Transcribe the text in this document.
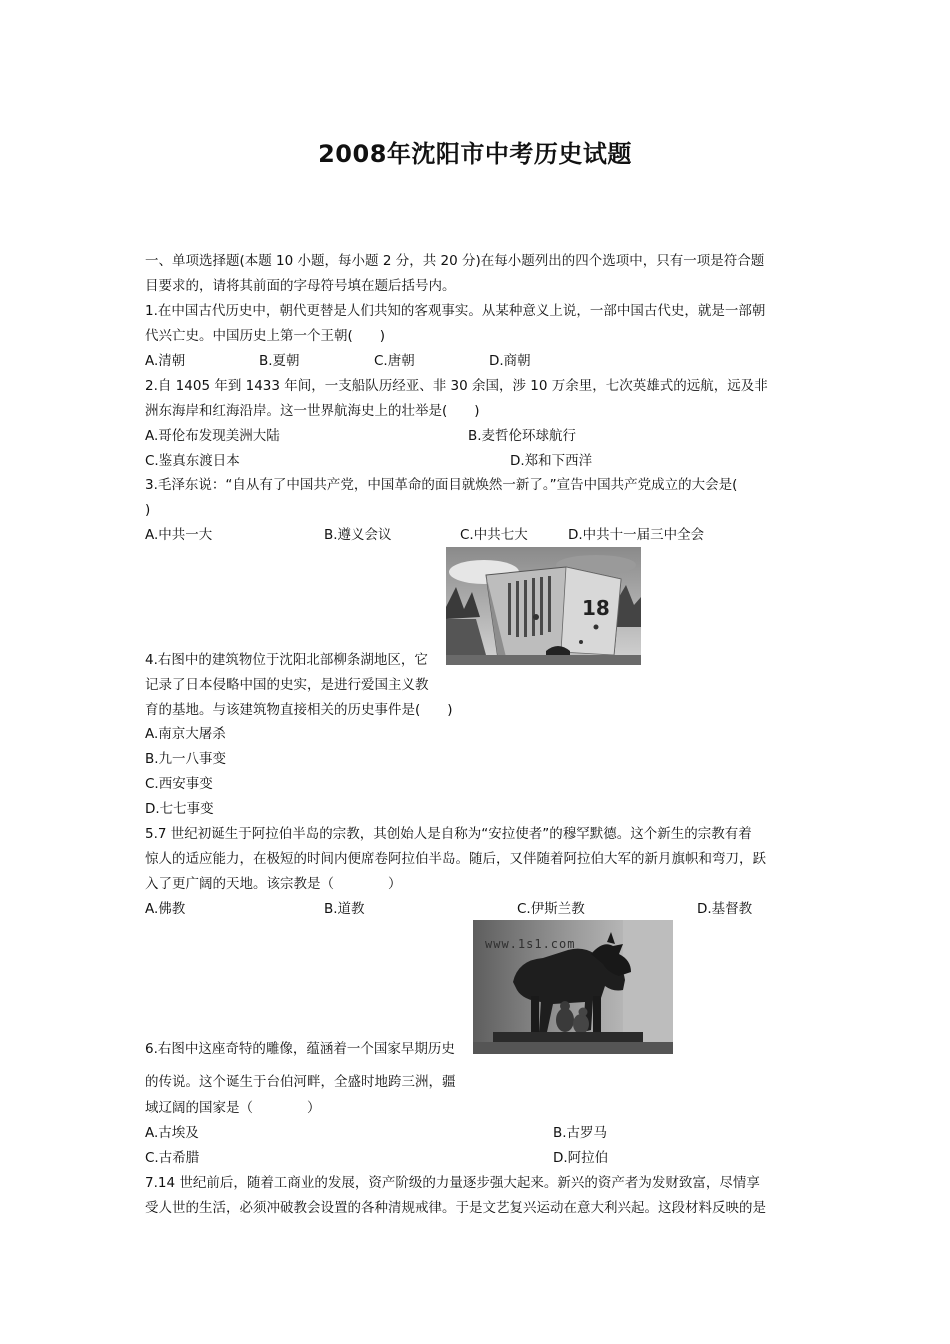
2008年沈阳市中考历史试题
一、单项选择题(本题 10 小题，每小题 2 分，共 20 分)在每小题列出的四个选项中，只有一项是符合题
目要求的，请将其前面的字母符号填在题后括号内。
1.在中国古代历史中，朝代更替是人们共知的客观事实。从某种意义上说，一部中国古代史，就是一部朝
代兴亡史。中国历史上第一个王朝(　　)
A.清朝	B.夏朝	C.唐朝	D.商朝
2.自 1405 年到 1433 年间，一支船队历经亚、非 30 余国，涉 10 万余里，七次英雄式的远航，远及非
洲东海岸和红海沿岸。这一世界航海史上的壮举是(　　)
A.哥伦布发现美洲大陆	B.麦哲伦环球航行
C.鉴真东渡日本	D.郑和下西洋
3.毛泽东说：“自从有了中国共产党，中国革命的面目就焕然一新了。”宣告中国共产党成立的大会是(
)
A.中共一大	B.遵义会议	C.中共七大	D.中共十一届三中全会
18
4.右图中的建筑物位于沈阳北部柳条湖地区，它
记录了日本侵略中国的史实，是进行爱国主义教
育的基地。与该建筑物直接相关的历史事件是(　　)
A.南京大屠杀
B.九一八事变
C.西安事变
D.七七事变
5.7 世纪初诞生于阿拉伯半岛的宗教，其创始人是自称为“安拉使者”的穆罕默德。这个新生的宗教有着
惊人的适应能力，在极短的时间内便席卷阿拉伯半岛。随后，又伴随着阿拉伯大军的新月旗帜和弯刀，跃
入了更广阔的天地。该宗教是（　　　　）
A.佛教	B.道教	C.伊斯兰教	D.基督教
www.1s1.com
6.右图中这座奇特的雕像，蕴涵着一个国家早期历史
的传说。这个诞生于台伯河畔，全盛时地跨三洲，疆
域辽阔的国家是（　　　　）
A.古埃及	B.古罗马
C.古希腊	D.阿拉伯
7.14 世纪前后，随着工商业的发展，资产阶级的力量逐步强大起来。新兴的资产者为发财致富，尽情享
受人世的生活，必须冲破教会设置的各种清规戒律。于是文艺复兴运动在意大利兴起。这段材料反映的是
